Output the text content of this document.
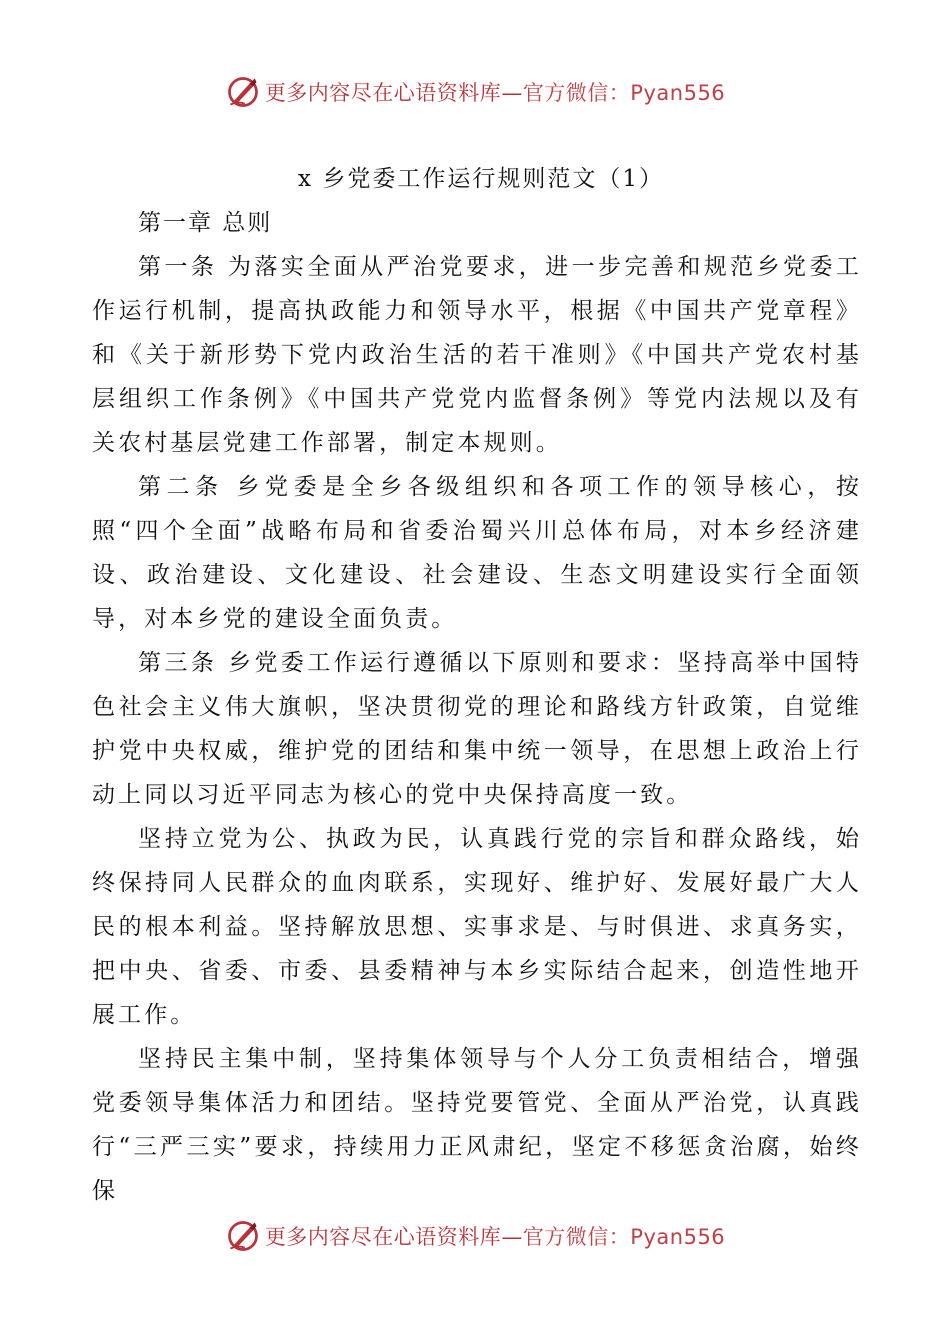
更多内容尽在心语资料库—官方微信：Pyan556

x 乡党委工作运行规则范文（1）

第一章 总则

第一条 为落实全面从严治党要求，进一步完善和规范乡党委工作运行机制，提高执政能力和领导水平，根据《中国共产党章程》和《关于新形势下党内政治生活的若干准则》《中国共产党农村基层组织工作条例》《中国共产党党内监督条例》等党内法规以及有关农村基层党建工作部署，制定本规则。

第二条 乡党委是全乡各级组织和各项工作的领导核心，按照“四个全面”战略布局和省委治蜀兴川总体布局，对本乡经济建设、政治建设、文化建设、社会建设、生态文明建设实行全面领导，对本乡党的建设全面负责。

第三条 乡党委工作运行遵循以下原则和要求：坚持高举中国特色社会主义伟大旗帜，坚决贯彻党的理论和路线方针政策，自觉维护党中央权威，维护党的团结和集中统一领导，在思想上政治上行动上同以习近平同志为核心的党中央保持高度一致。

坚持立党为公、执政为民，认真践行党的宗旨和群众路线，始终保持同人民群众的血肉联系，实现好、维护好、发展好最广大人民的根本利益。坚持解放思想、实事求是、与时俱进、求真务实，把中央、省委、市委、县委精神与本乡实际结合起来，创造性地开展工作。

坚持民主集中制，坚持集体领导与个人分工负责相结合，增强党委领导集体活力和团结。坚持党要管党、全面从严治党，认真践行“三严三实”要求，持续用力正风肃纪，坚定不移惩贪治腐，始终保

更多内容尽在心语资料库—官方微信：Pyan556
